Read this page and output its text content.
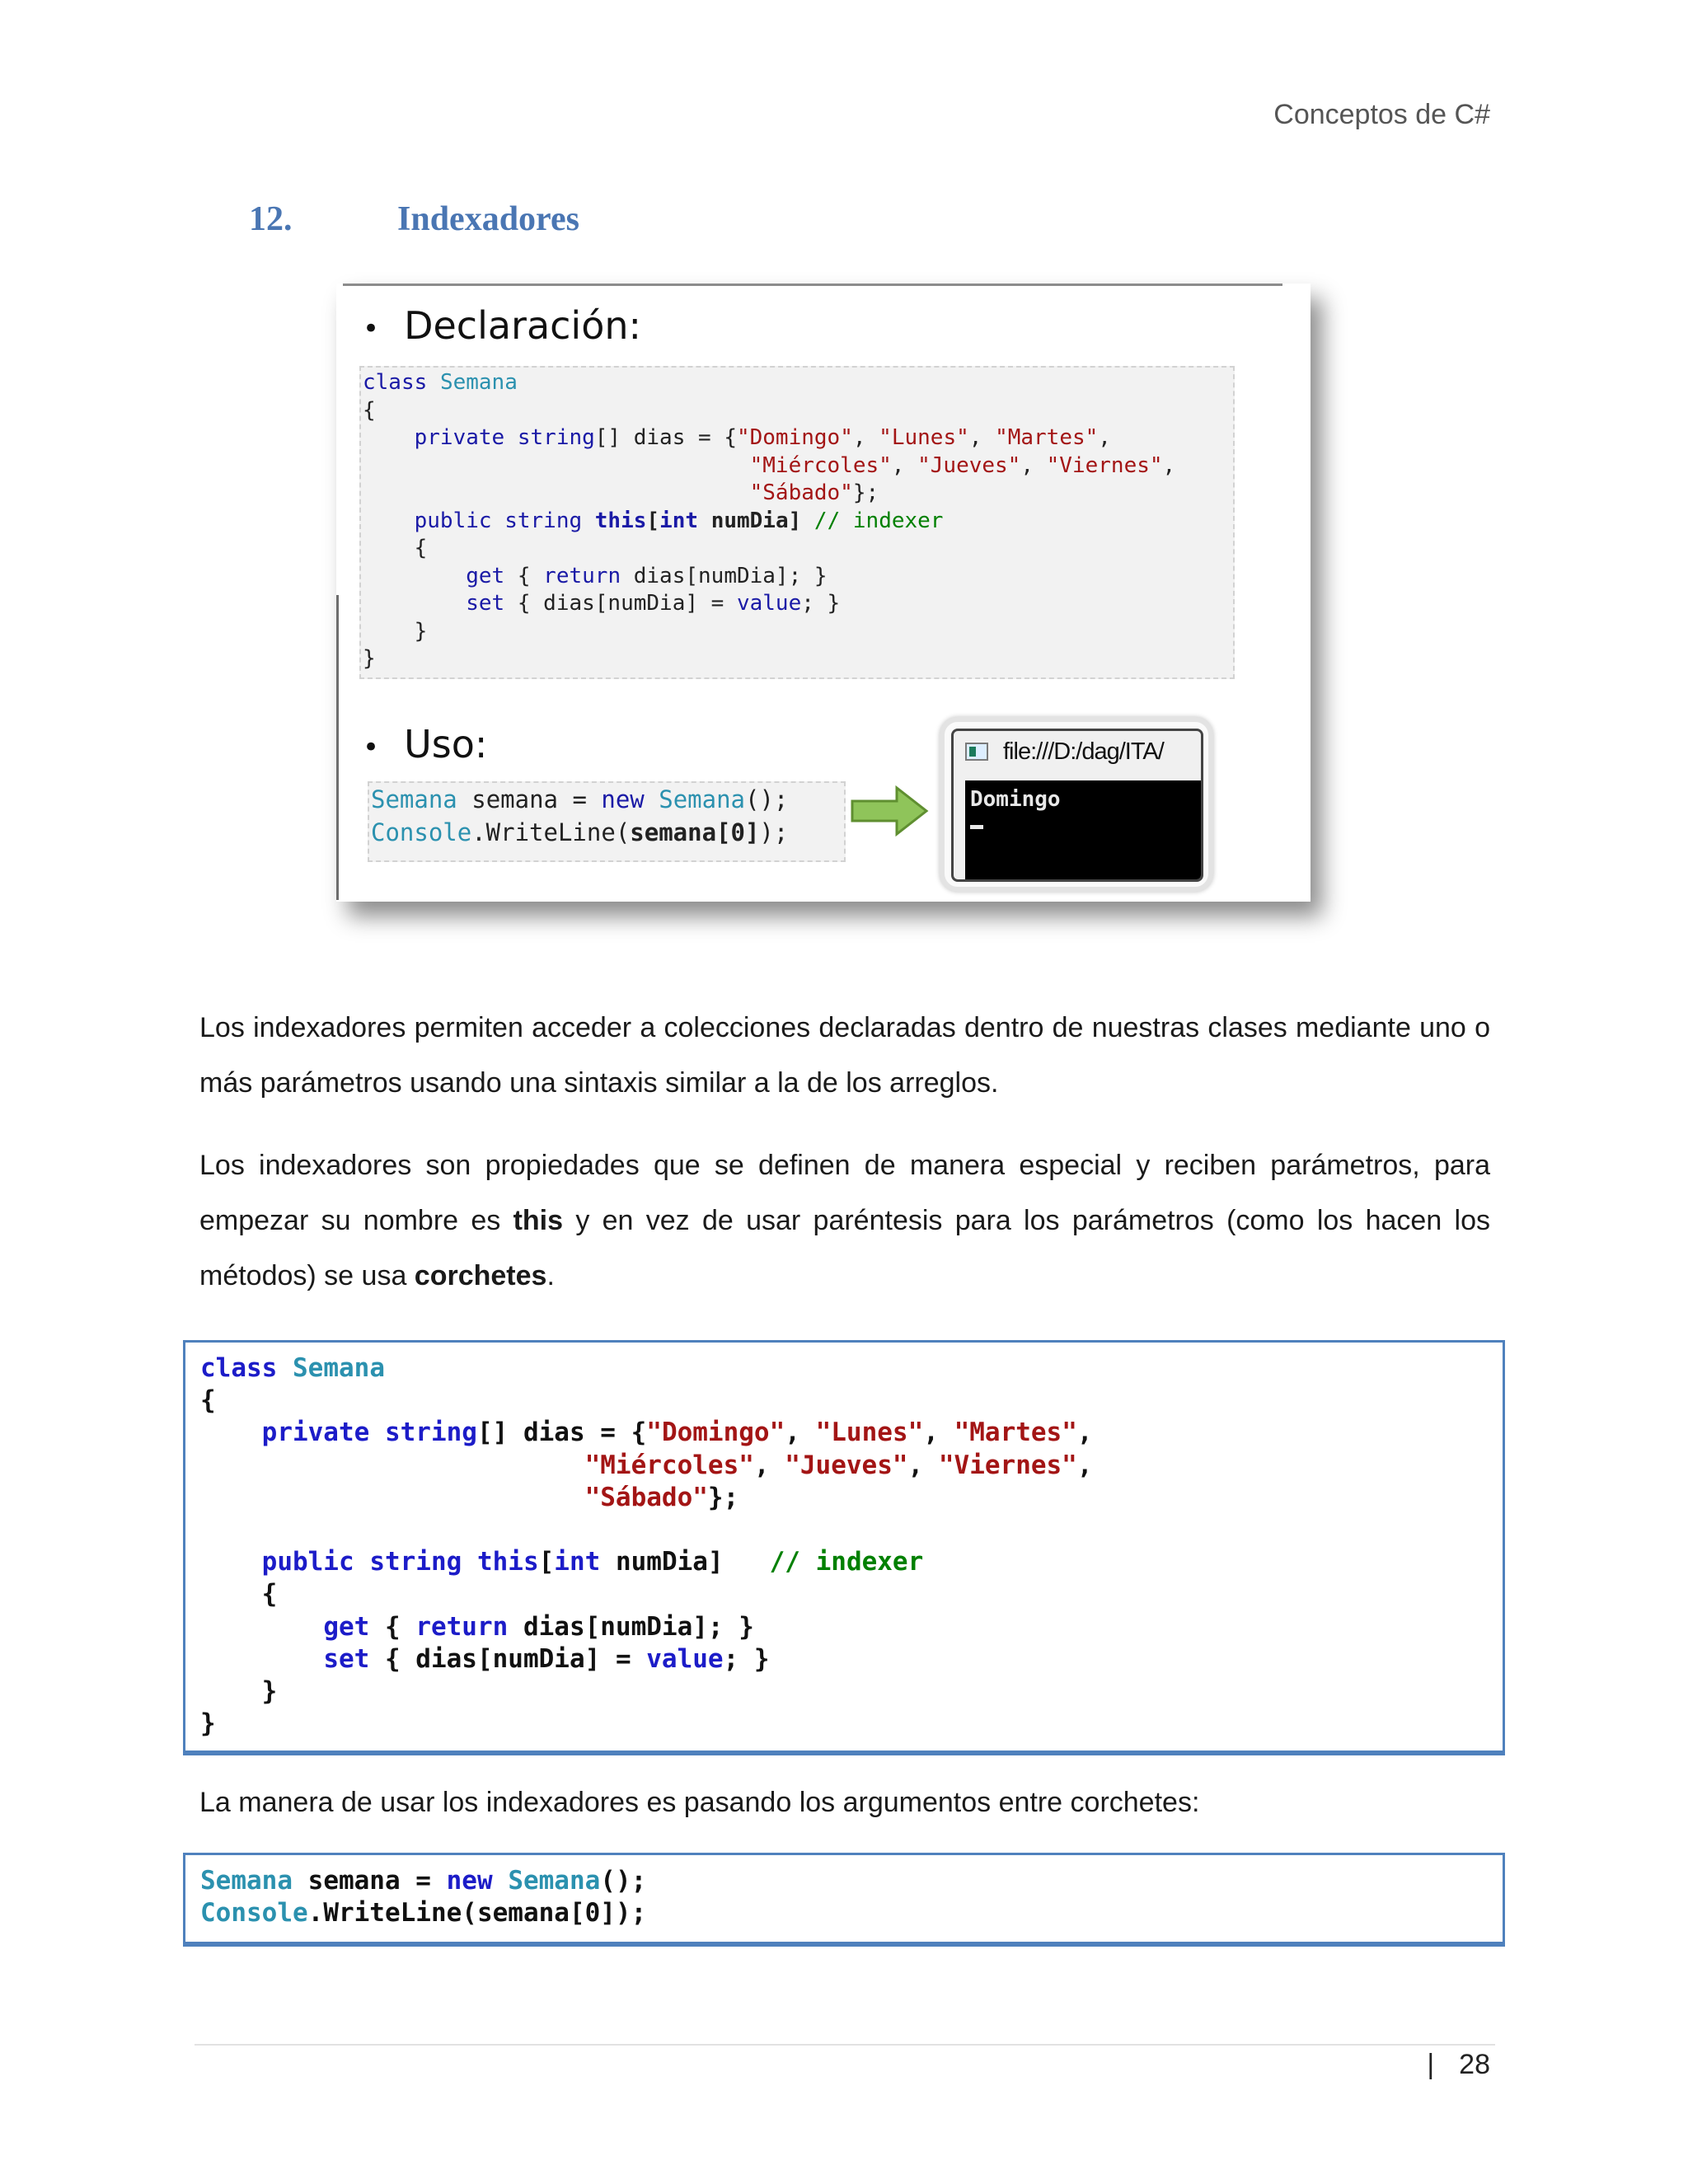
Conceptos de C#
12.	Indexadores
• Declaración:
class Semana
{
private string[] dias = {"Domingo", "Lunes", "Martes",
"Miércoles", "Jueves", "Viernes",
"Sábado"};
public string this[int numDia] // indexer
{
get { return dias[numDia]; }
set { dias[numDia] = value; }
}
}
• Uso:
Semana semana = new Semana();
Console.WriteLine(semana[0]);
file:///D:/dag/ITA/
Domingo
Los indexadores permiten acceder a colecciones declaradas dentro de nuestras clases mediante uno o más parámetros usando una sintaxis similar a la de los arreglos.
Los indexadores son propiedades que se definen de manera especial y reciben parámetros, para empezar su nombre es this y en vez de usar paréntesis para los parámetros (como los hacen los métodos) se usa corchetes.
class Semana
{
private string[] dias = {"Domingo", "Lunes", "Martes",
"Miércoles", "Jueves", "Viernes",
"Sábado"};

public string this[int numDia] // indexer
{
get { return dias[numDia]; }
set { dias[numDia] = value; }
}
}
La manera de usar los indexadores es pasando los argumentos entre corchetes:
Semana semana = new Semana();
Console.WriteLine(semana[0]);
| 28
